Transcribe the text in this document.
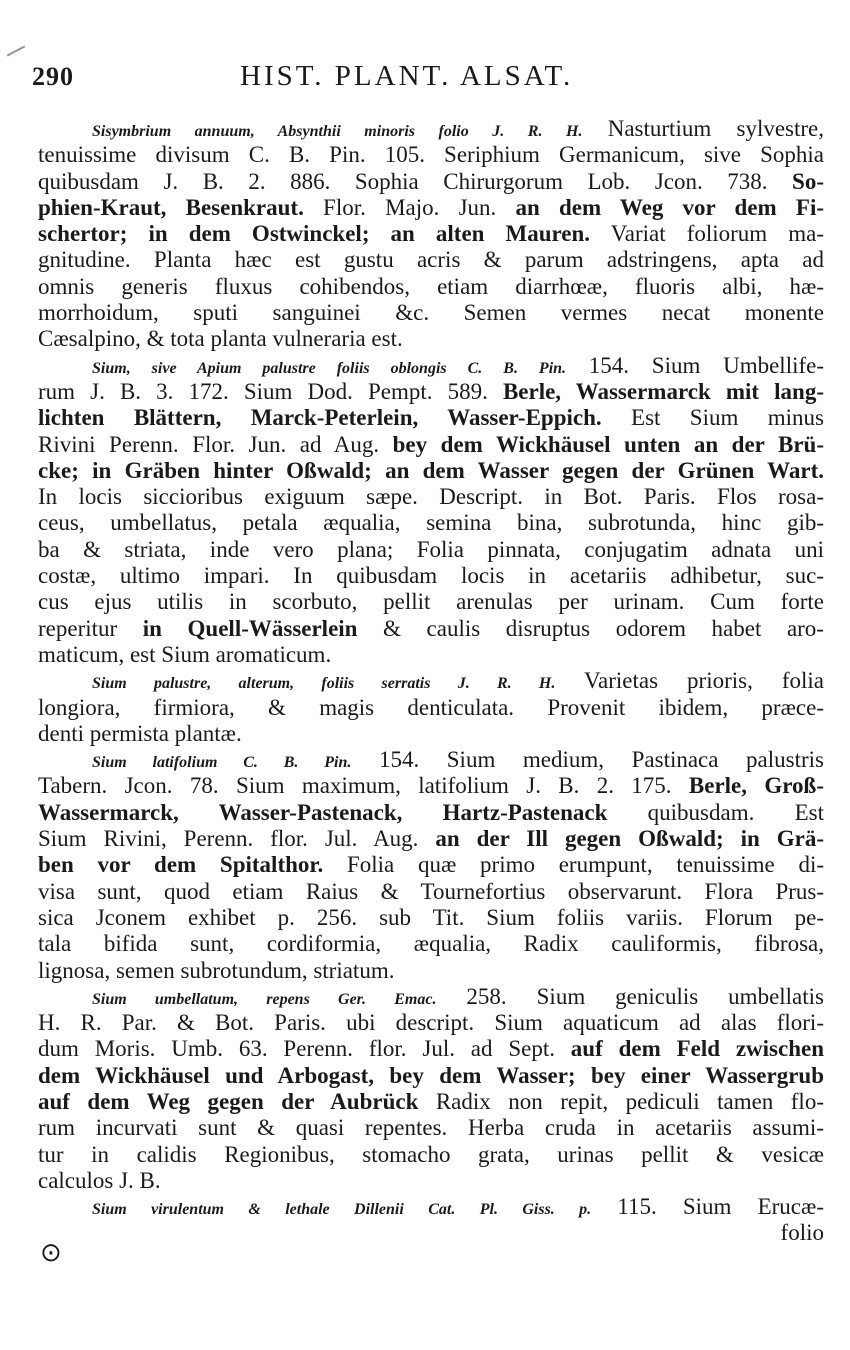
290	HIST. PLANT. ALSAT.
Sisymbrium annuum, Absynthii minoris folio J. R. H. Nasturtium sylvestre,
tenuissime divisum C. B. Pin. 105. Seriphium Germanicum, sive Sophia
quibusdam J. B. 2. 886. Sophia Chirurgorum Lob. Jcon. 738. So-
phien-Kraut, Besenkraut. Flor. Majo. Jun. an dem Weg vor dem Fi-
schertor; in dem Ostwinckel; an alten Mauren. Variat foliorum ma-
gnitudine. Planta hæc est gustu acris & parum adstringens, apta ad
omnis generis fluxus cohibendos, etiam diarrhœæ, fluoris albi, hæ-
morrhoidum, sputi sanguinei &c. Semen vermes necat monente
Cæsalpino, & tota planta vulneraria est.
Sium, sive Apium palustre foliis oblongis C. B. Pin. 154. Sium Umbellife-
rum J. B. 3. 172. Sium Dod. Pempt. 589. Berle, Wassermarck mit lang-
lichten Blättern, Marck-Peterlein, Wasser-Eppich. Est Sium minus
Rivini Perenn. Flor. Jun. ad Aug. bey dem Wickhäusel unten an der Brü-
cke; in Gräben hinter Oßwald; an dem Wasser gegen der Grünen Wart.
In locis siccioribus exiguum sæpe. Descript. in Bot. Paris. Flos rosa-
ceus, umbellatus, petala æqualia, semina bina, subrotunda, hinc gib-
ba & striata, inde vero plana; Folia pinnata, conjugatim adnata uni
costæ, ultimo impari. In quibusdam locis in acetariis adhibetur, suc-
cus ejus utilis in scorbuto, pellit arenulas per urinam. Cum forte
reperitur in Quell-Wässerlein & caulis disruptus odorem habet aro-
maticum, est Sium aromaticum.
Sium palustre, alterum, foliis serratis J. R. H. Varietas prioris, folia
longiora, firmiora, & magis denticulata. Provenit ibidem, præce-
denti permista plantæ.
Sium latifolium C. B. Pin. 154. Sium medium, Pastinaca palustris
Tabern. Jcon. 78. Sium maximum, latifolium J. B. 2. 175. Berle, Groß-
Wassermarck, Wasser-Pastenack, Hartz-Pastenack quibusdam. Est
Sium Rivini, Perenn. flor. Jul. Aug. an der Ill gegen Oßwald; in Grä-
ben vor dem Spitalthor. Folia quæ primo erumpunt, tenuissime di-
visa sunt, quod etiam Raius & Tournefortius observarunt. Flora Prus-
sica Jconem exhibet p. 256. sub Tit. Sium foliis variis. Florum pe-
tala bifida sunt, cordiformia, æqualia, Radix cauliformis, fibrosa,
lignosa, semen subrotundum, striatum.
Sium umbellatum, repens Ger. Emac. 258. Sium geniculis umbellatis
H. R. Par. & Bot. Paris. ubi descript. Sium aquaticum ad alas flori-
dum Moris. Umb. 63. Perenn. flor. Jul. ad Sept. auf dem Feld zwischen
dem Wickhäusel und Arbogast, bey dem Wasser; bey einer Wassergrub
auf dem Weg gegen der Aubrück Radix non repit, pediculi tamen flo-
rum incurvati sunt & quasi repentes. Herba cruda in acetariis assumi-
tur in calidis Regionibus, stomacho grata, urinas pellit & vesicæ
calculos J. B.
Sium virulentum & lethale Dillenii Cat. Pl. Giss. p. 115. Sium Erucæ-
folio
⊙
